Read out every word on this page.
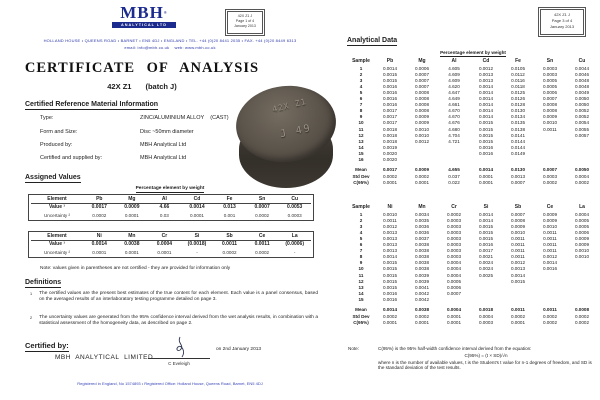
MBH®
ANALYTICAL LTD
42X Z1 J
Page 1 of 4
January 2013
HOLLAND HOUSE • QUEENS ROAD • BARNET • EN5 4DJ • ENGLAND • TEL. +44 (0)20 8441 2035 • FAX. +44 (0)20 8449 6313
email: info@mbh.co.uk    web: www.mbh.co.uk
CERTIFICATE OF ANALYSIS
42X Z1 (batch J)
Certified Reference Material Information
Type:	ZINC/ALUMINIUM ALLOY    (CAST)
Form and Size:	Disc ~50mm diameter
Produced by:	MBH Analytical Ltd
Certified and supplied by:	MBH Analytical Ltd
42X Z1
J 49
Assigned Values
Percentage element by weight
Element	Pb	Mg	Al	Cd	Fe	Sn	Cu
Value ¹	0.0017	0.0009	4.66	0.0014	0.013	0.0007	0.0053
Uncertainty ²	0.0002	0.0001	0.03	0.0001	0.001	0.0002	0.0003
Element	Ni	Mn	Cr	Si	Sb	Ce	La
Value ¹	0.0014	0.0038	0.0004	(0.0018)	0.0011	0.0011	(0.0006)
Uncertainty ²	0.0001	0.0001	0.0001	-	0.0002	0.0002	-
Note: values given in parentheses are not certified - they are provided for information only
Definitions
1 The certified values are the present best estimates of the true content for each element. Each value is a panel consensus, based on the averaged results of an interlaboratory testing programme detailed on page 3.

2 The uncertainty values are generated from the 95% confidence interval derived from the wet analysis results, in combination with a statistical assessment of the homogeneity data, as described on page 2.

Certified by:
MBH  ANALYTICAL  LIMITED
C Eveleigh
on 2nd January 2013
Registered in England, No 1574893 • Registered Office: Holland House, Queens Road, Barnet, EN5 4DJ
42X Z1 J
Page 3 of 4
January 2013
Analytical Data
Percentage element by weight
Sample	Pb	Mg	Al	Cd	Fe	Sn	Cu
1	0.0014	0.0006	4.605	0.0012	0.0105	0.0003	0.0044
2	0.0015	0.0007	4.609	0.0013	0.0112	0.0003	0.0046
3	0.0015	0.0007	4.609	0.0013	0.0116	0.0005	0.0048
4	0.0016	0.0007	4.620	0.0014	0.0118	0.0005	0.0048
5	0.0016	0.0008	4.647	0.0014	0.0125	0.0006	0.0049
6	0.0016	0.0008	4.649	0.0014	0.0126	0.0007	0.0050
7	0.0016	0.0008	4.661	0.0014	0.0128	0.0008	0.0050
8	0.0017	0.0008	4.670	0.0014	0.0130	0.0008	0.0052
9	0.0017	0.0009	4.670	0.0014	0.0134	0.0009	0.0052
10	0.0017	0.0009	4.676	0.0015	0.0135	0.0010	0.0054
11	0.0018	0.0010	4.680	0.0015	0.0138	0.0011	0.0055
12	0.0018	0.0010	4.704	0.0015	0.0141		0.0057
13	0.0018	0.0012	4.721	0.0015	0.0144		
14	0.0019			0.0016	0.0144		
15	0.0020			0.0016	0.0149		
16	0.0020						
Mean	0.0017	0.0009	4.655	0.0014	0.0130	0.0007	0.0050
Std Dev	0.0002	0.0002	0.037	0.0001	0.0013	0.0003	0.0004
C(95%)	0.0001	0.0001	0.022	0.0001	0.0007	0.0002	0.0002
Sample	Ni	Mn	Cr	Si	Sb	Ce	La
1	0.0010	0.0034	0.0002	0.0014	0.0007	0.0009	0.0004
2	0.0011	0.0035	0.0003	0.0014	0.0008	0.0009	0.0005
3	0.0012	0.0036	0.0003	0.0015	0.0009	0.0010	0.0005
4	0.0013	0.0036	0.0003	0.0015	0.0010	0.0011	0.0006
5	0.0013	0.0037	0.0003	0.0015	0.0011	0.0011	0.0009
6	0.0013	0.0038	0.0003	0.0016	0.0011	0.0011	0.0009
7	0.0013	0.0038	0.0003	0.0017	0.0011	0.0011	0.0010
8	0.0014	0.0038	0.0003	0.0021	0.0011	0.0012	0.0010
9	0.0015	0.0038	0.0004	0.0024	0.0012	0.0014	
10	0.0015	0.0038	0.0004	0.0024	0.0013	0.0016	
11	0.0015	0.0039	0.0004	0.0025	0.0014		
12	0.0015	0.0039	0.0005		0.0015		
13	0.0015	0.0041	0.0006				
14	0.0016	0.0042	0.0007				
15	0.0016	0.0042					
Mean	0.0014	0.0038	0.0004	0.0018	0.0011	0.0011	0.0008
Std Dev	0.0002	0.0002	0.0001	0.0004	0.0002	0.0002	0.0002
C(95%)	0.0001	0.0001	0.0001	0.0003	0.0001	0.0002	0.0002
Note:	C(95%) is the 95% half-width confidence interval derived from the equation:
C(95%) = (t × SD)/√n
where n is the number of available values, t is the Student's t value for n-1 degrees of freedom, and SD is the standard deviation of the test results.
